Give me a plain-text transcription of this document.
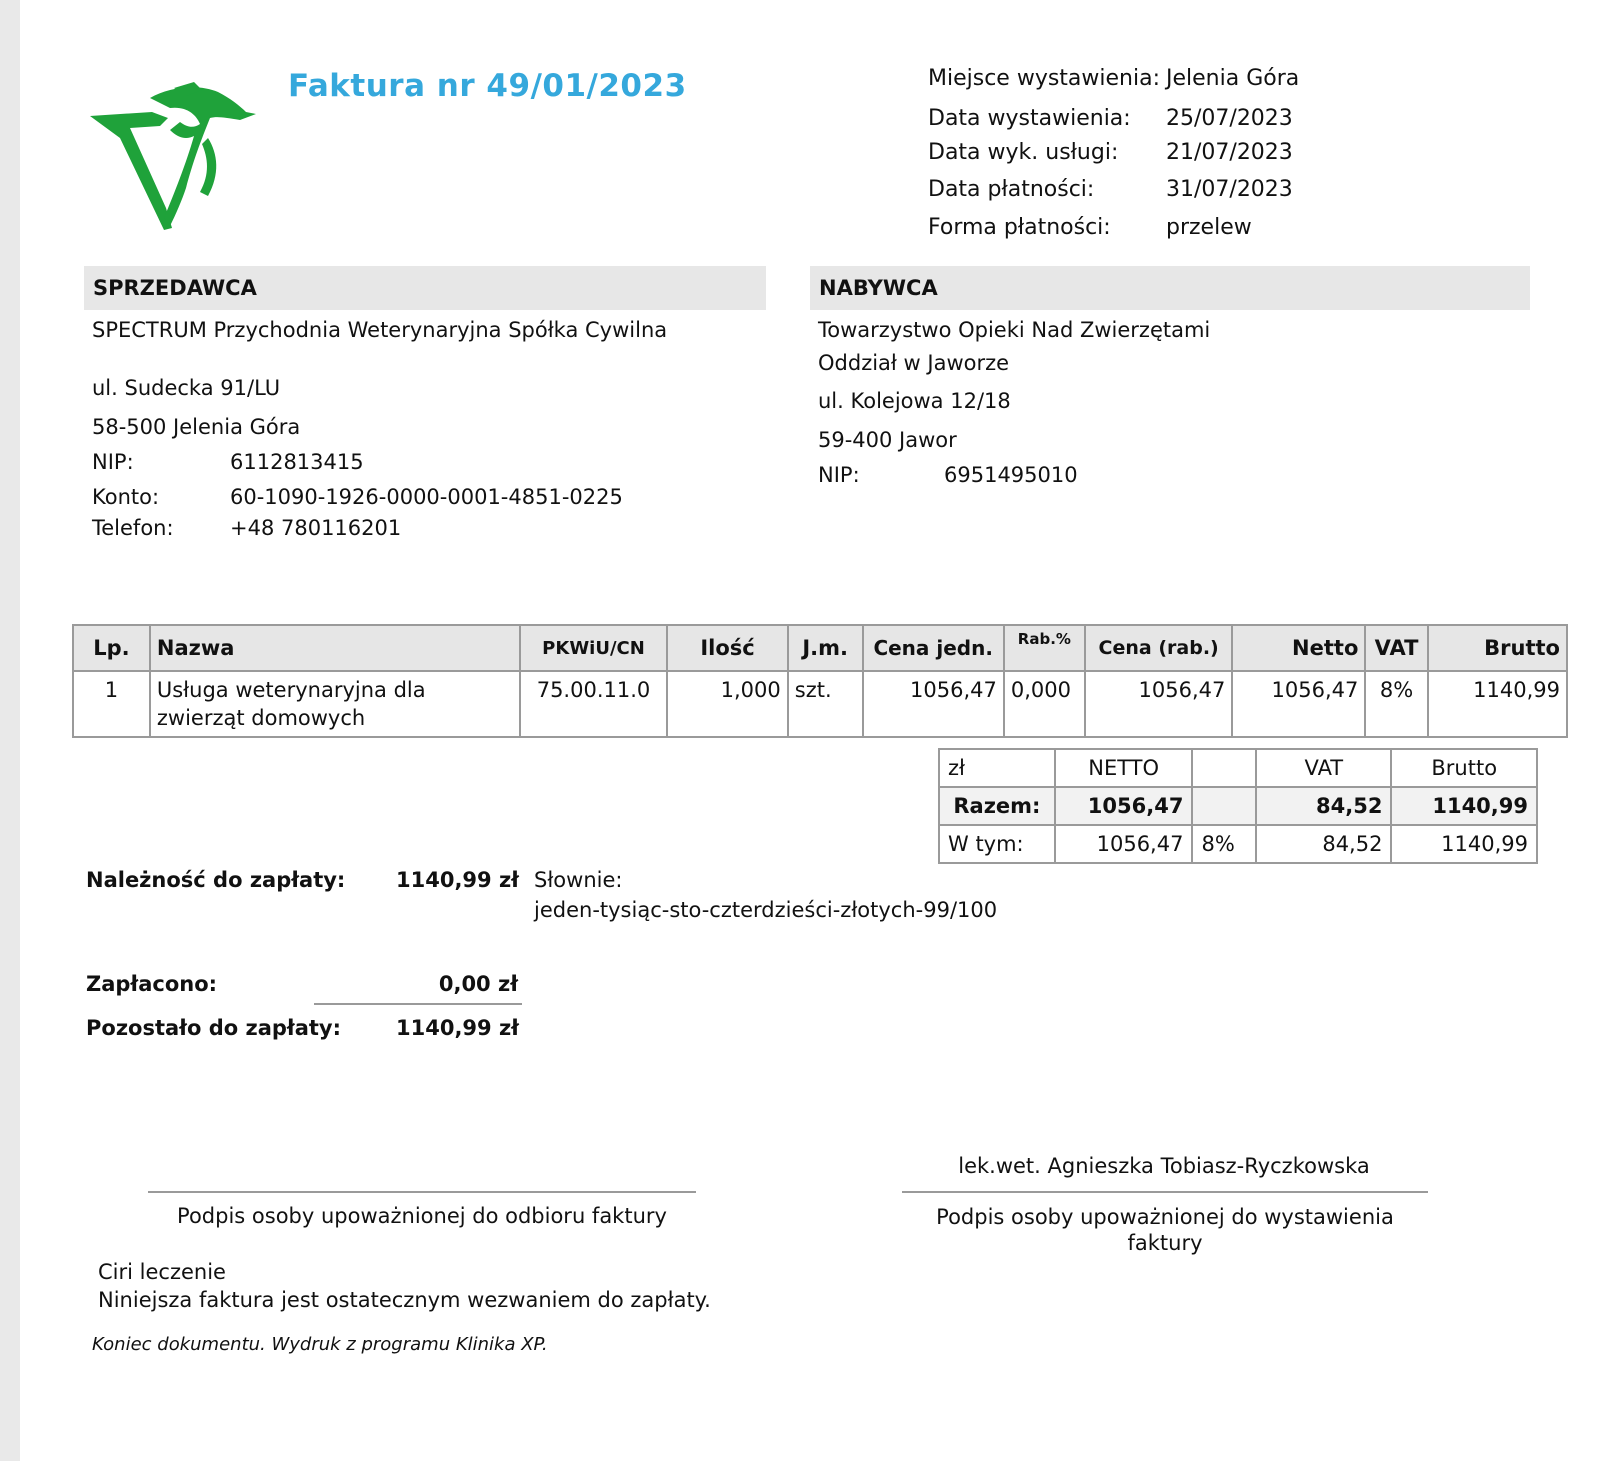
Faktura nr 49/01/2023	Miejsce wystawienia: Jelenia Góra
Data wystawienia: 25/07/2023
Data wyk. usługi: 21/07/2023
Data płatności:	31/07/2023
Forma płatności:	przelew
SPRZEDAWCA	NABYWCA
SPECTRUM Przychodnia Weterynaryjna Spółka Cywilna
ul. Sudecka 91/LU
58-500 Jelenia Góra
NIP:	6112813415
Konto:	60-1090-1926-0000-0001-4851-0225
Telefon:	+48 780116201
Towarzystwo Opieki Nad Zwierzętami
Oddział w Jaworze
ul. Kolejowa 12/18
59-400 Jawor
NIP:	6951495010
Lp.	Nazwa	PKWiU/CN	Ilość	J.m.	Cena jedn.	Rab.%	Cena (rab.)	Netto	VAT	Brutto
1	Usługa weterynaryjna dla
zwierząt domowych	75.00.11.0	1,000	szt.	1056,47	0,000	1056,47	1056,47	8%	1140,99
zł	NETTO		VAT	Brutto
Razem:	1056,47		84,52	1140,99
W tym:	1056,47	8%	84,52	1140,99
Należność do zapłaty: 1140,99 zł Słownie:
jeden-tysiąc-sto-czterdzieści-złotych-99/100
Zapłacono:	0,00 zł
Pozostało do zapłaty:	1140,99 zł
lek.wet. Agnieszka Tobiasz-Ryczkowska
Podpis osoby upoważnionej do odbioru faktury	Podpis osoby upoważnionej do wystawienia
faktury
Ciri leczenie
Niniejsza faktura jest ostatecznym wezwaniem do zapłaty.
Koniec dokumentu. Wydruk z programu Klinika XP.
